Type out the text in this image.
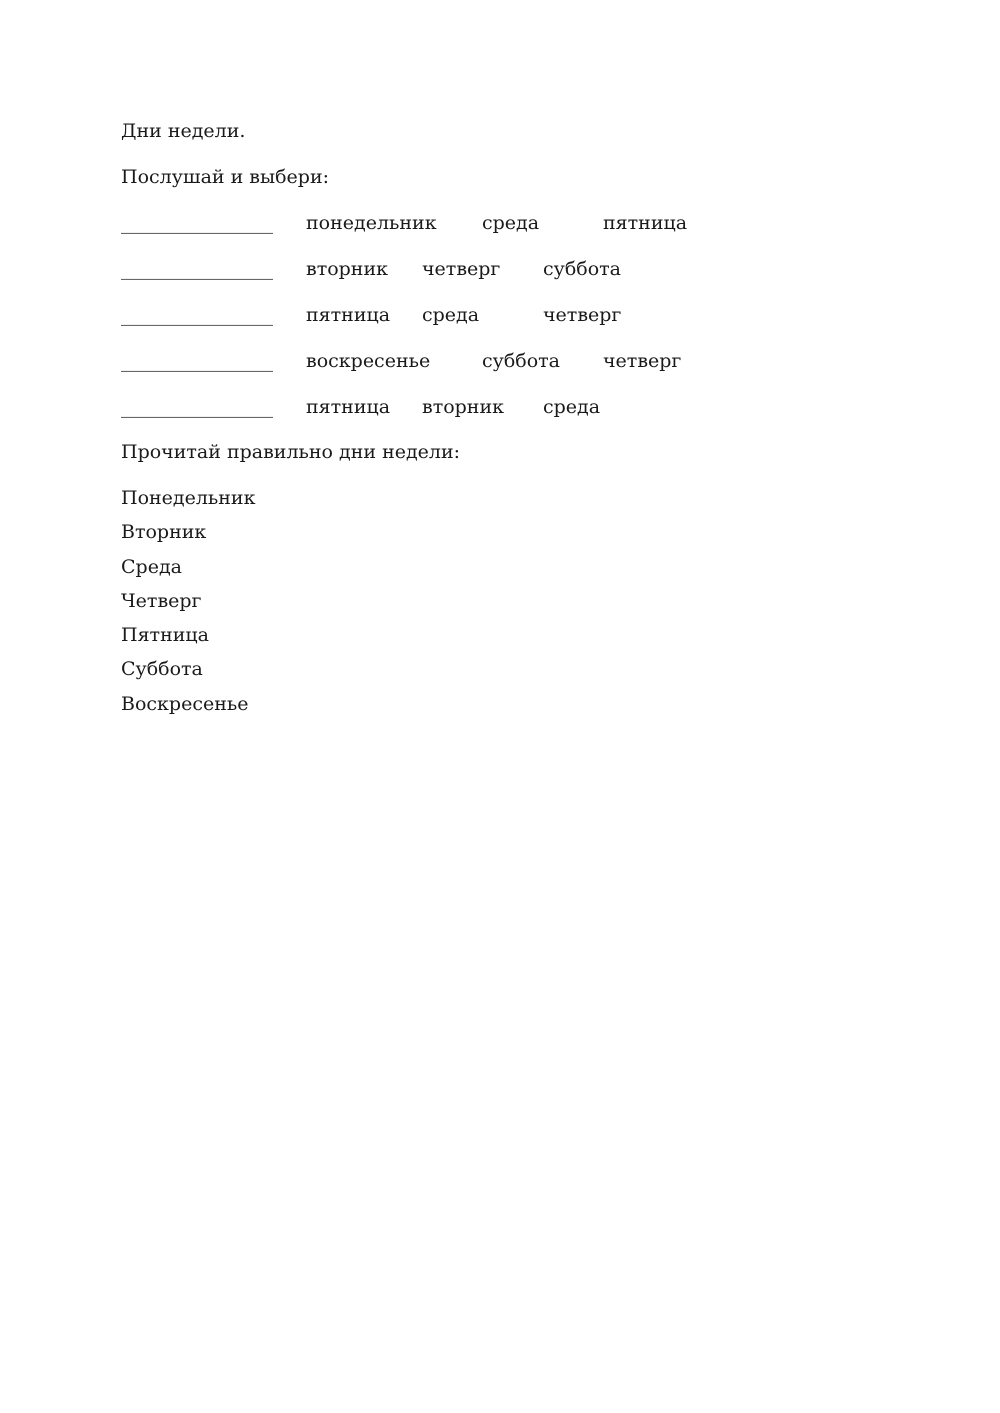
Дни недели.
Послушай и выбери:
________________ понедельник среда	пятница
________________ вторник четверг суббота
________________ пятница среда	четверг
________________ воскресенье	суббота четверг
________________ пятница вторник среда
Прочитай правильно дни недели:
Понедельник
Вторник
Среда
Четверг
Пятница
Суббота
Воскресенье
